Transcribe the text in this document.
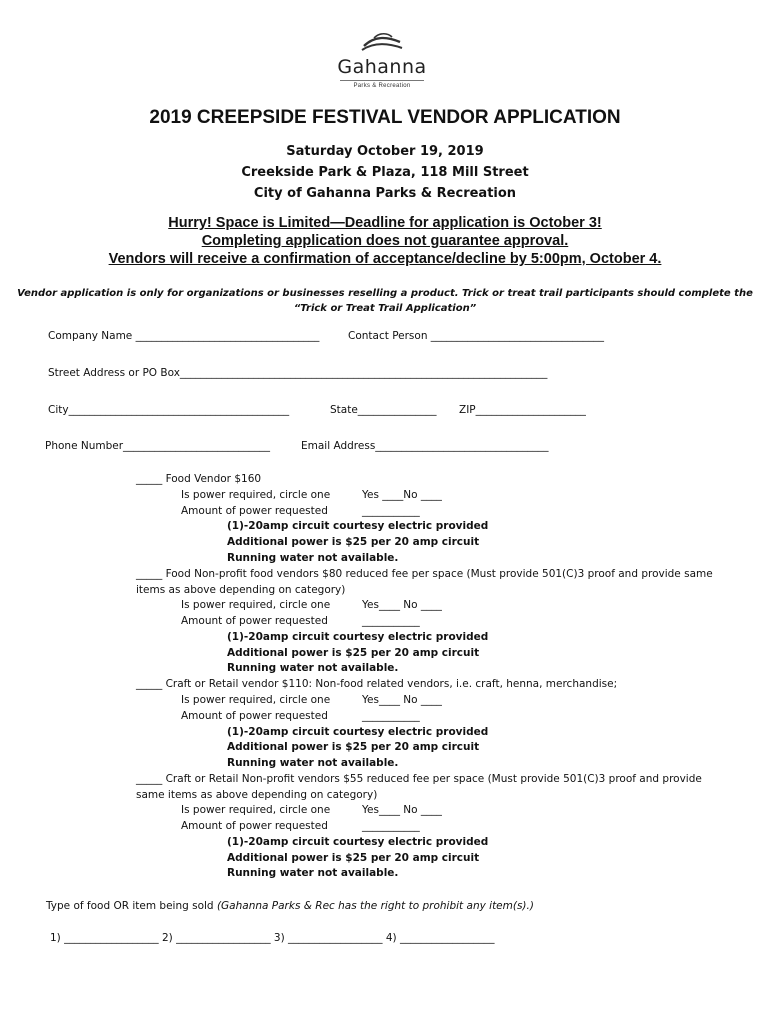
Gahanna
Parks & Recreation
2019 CREEPSIDE FESTIVAL VENDOR APPLICATION
Saturday October 19, 2019
Creekside Park & Plaza, 118 Mill Street
City of Gahanna Parks & Recreation
Hurry! Space is Limited—Deadline for application is October 3!
Completing application does not guarantee approval.
Vendors will receive a confirmation of acceptance/decline by 5:00pm, October 4.
Vendor application is only for organizations or businesses reselling a product. Trick or treat trail participants should complete the
“Trick or Treat Trail Application”
Company Name ___________________________________	Contact Person _________________________________
Street Address or PO Box______________________________________________________________________
City__________________________________________	State_______________ ZIP_____________________
Phone Number____________________________	Email Address_________________________________
_____ Food Vendor $160
Is power required, circle one	Yes ____No ____
Amount of power requested	___________
(1)-20amp circuit courtesy electric provided
Additional power is $25 per 20 amp circuit
Running water not available.
_____ Food Non-profit food vendors $80 reduced fee per space (Must provide 501(C)3 proof and provide same
items as above depending on category)
Is power required, circle one	Yes____ No ____
Amount of power requested	___________
(1)-20amp circuit courtesy electric provided
Additional power is $25 per 20 amp circuit
Running water not available.
_____ Craft or Retail vendor $110: Non-food related vendors, i.e. craft, henna, merchandise;
Is power required, circle one	Yes____ No ____
Amount of power requested	___________
(1)-20amp circuit courtesy electric provided
Additional power is $25 per 20 amp circuit
Running water not available.
_____ Craft or Retail Non-profit vendors $55 reduced fee per space (Must provide 501(C)3 proof and provide
same items as above depending on category)
Is power required, circle one	Yes____ No ____
Amount of power requested	___________
(1)-20amp circuit courtesy electric provided
Additional power is $25 per 20 amp circuit
Running water not available.
Type of food OR item being sold (Gahanna Parks & Rec has the right to prohibit any item(s).)
1) __________________ 2) __________________ 3) __________________ 4) __________________
